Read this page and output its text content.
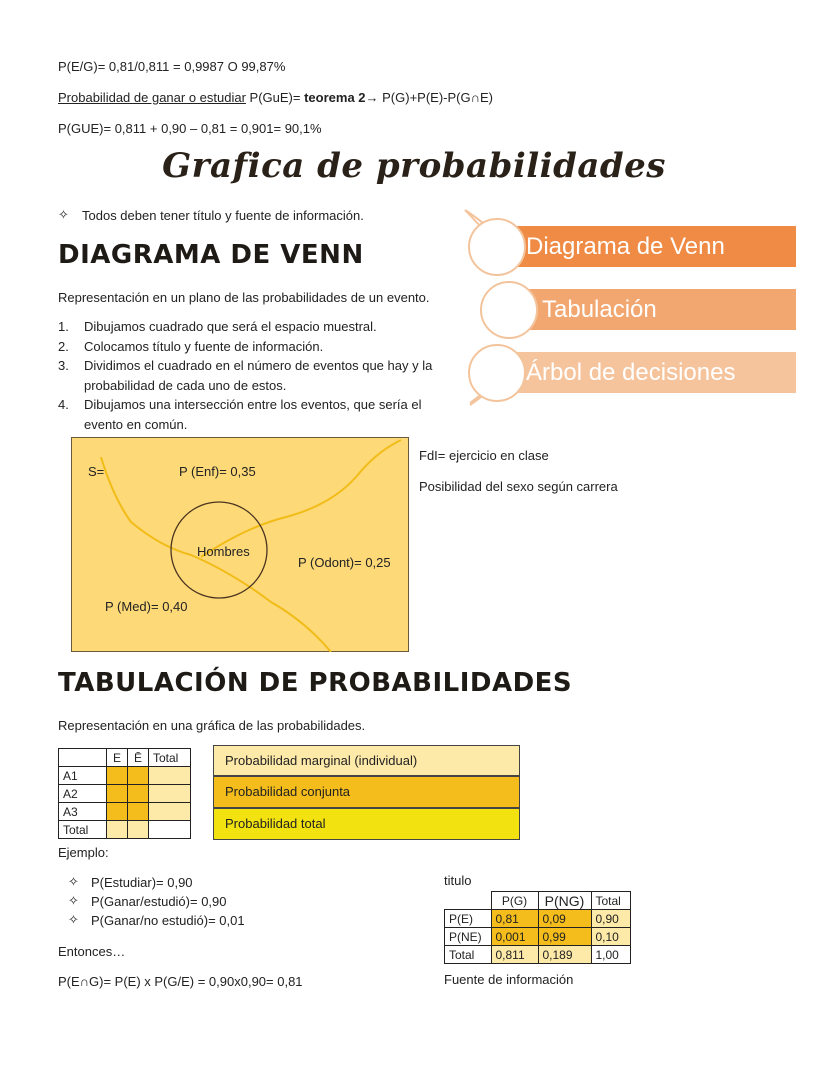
P(E/G)= 0,81/0,811 = 0,9987 O 99,87%
Probabilidad de ganar o estudiar P(GuE)= teorema 2→ P(G)+P(E)-P(G∩E)
P(GUE)= 0,811 + 0,90 – 0,81 = 0,901= 90,1%
Grafica de probabilidades
✧ Todos deben tener título y fuente de información.
DIAGRAMA DE VENN
Representación en un plano de las probabilidades de un evento.
1. Dibujamos cuadrado que será el espacio muestral.
2. Colocamos título y fuente de información.
3. Dividimos el cuadrado en el número de eventos que hay y la probabilidad de cada uno de estos.
4. Dibujamos una intersección entre los eventos, que sería el evento en común.
Diagrama de Venn
Tabulación
Árbol de decisiones
S=	P (Enf)= 0,35
Hombres
P (Odont)= 0,25
P (Med)= 0,40
FdI= ejercicio en clase
Posibilidad del sexo según carrera
TABULACIÓN DE PROBABILIDADES
Representación en una gráfica de las probabilidades.
	E	Ē	Total
A1			
A2			
A3			
Total			
Probabilidad marginal (individual)
Probabilidad conjunta
Probabilidad total
Ejemplo:
✧ P(Estudiar)= 0,90
✧ P(Ganar/estudió)= 0,90
✧ P(Ganar/no estudió)= 0,01
Entonces…
P(E∩G)= P(E) x P(G/E) = 0,90x0,90= 0,81
titulo
	P(G)	P(NG)	Total
P(E)	0,81	0,09	0,90
P(NE)	0,001	0,99	0,10
Total	0,811	0,189	1,00
Fuente de información
